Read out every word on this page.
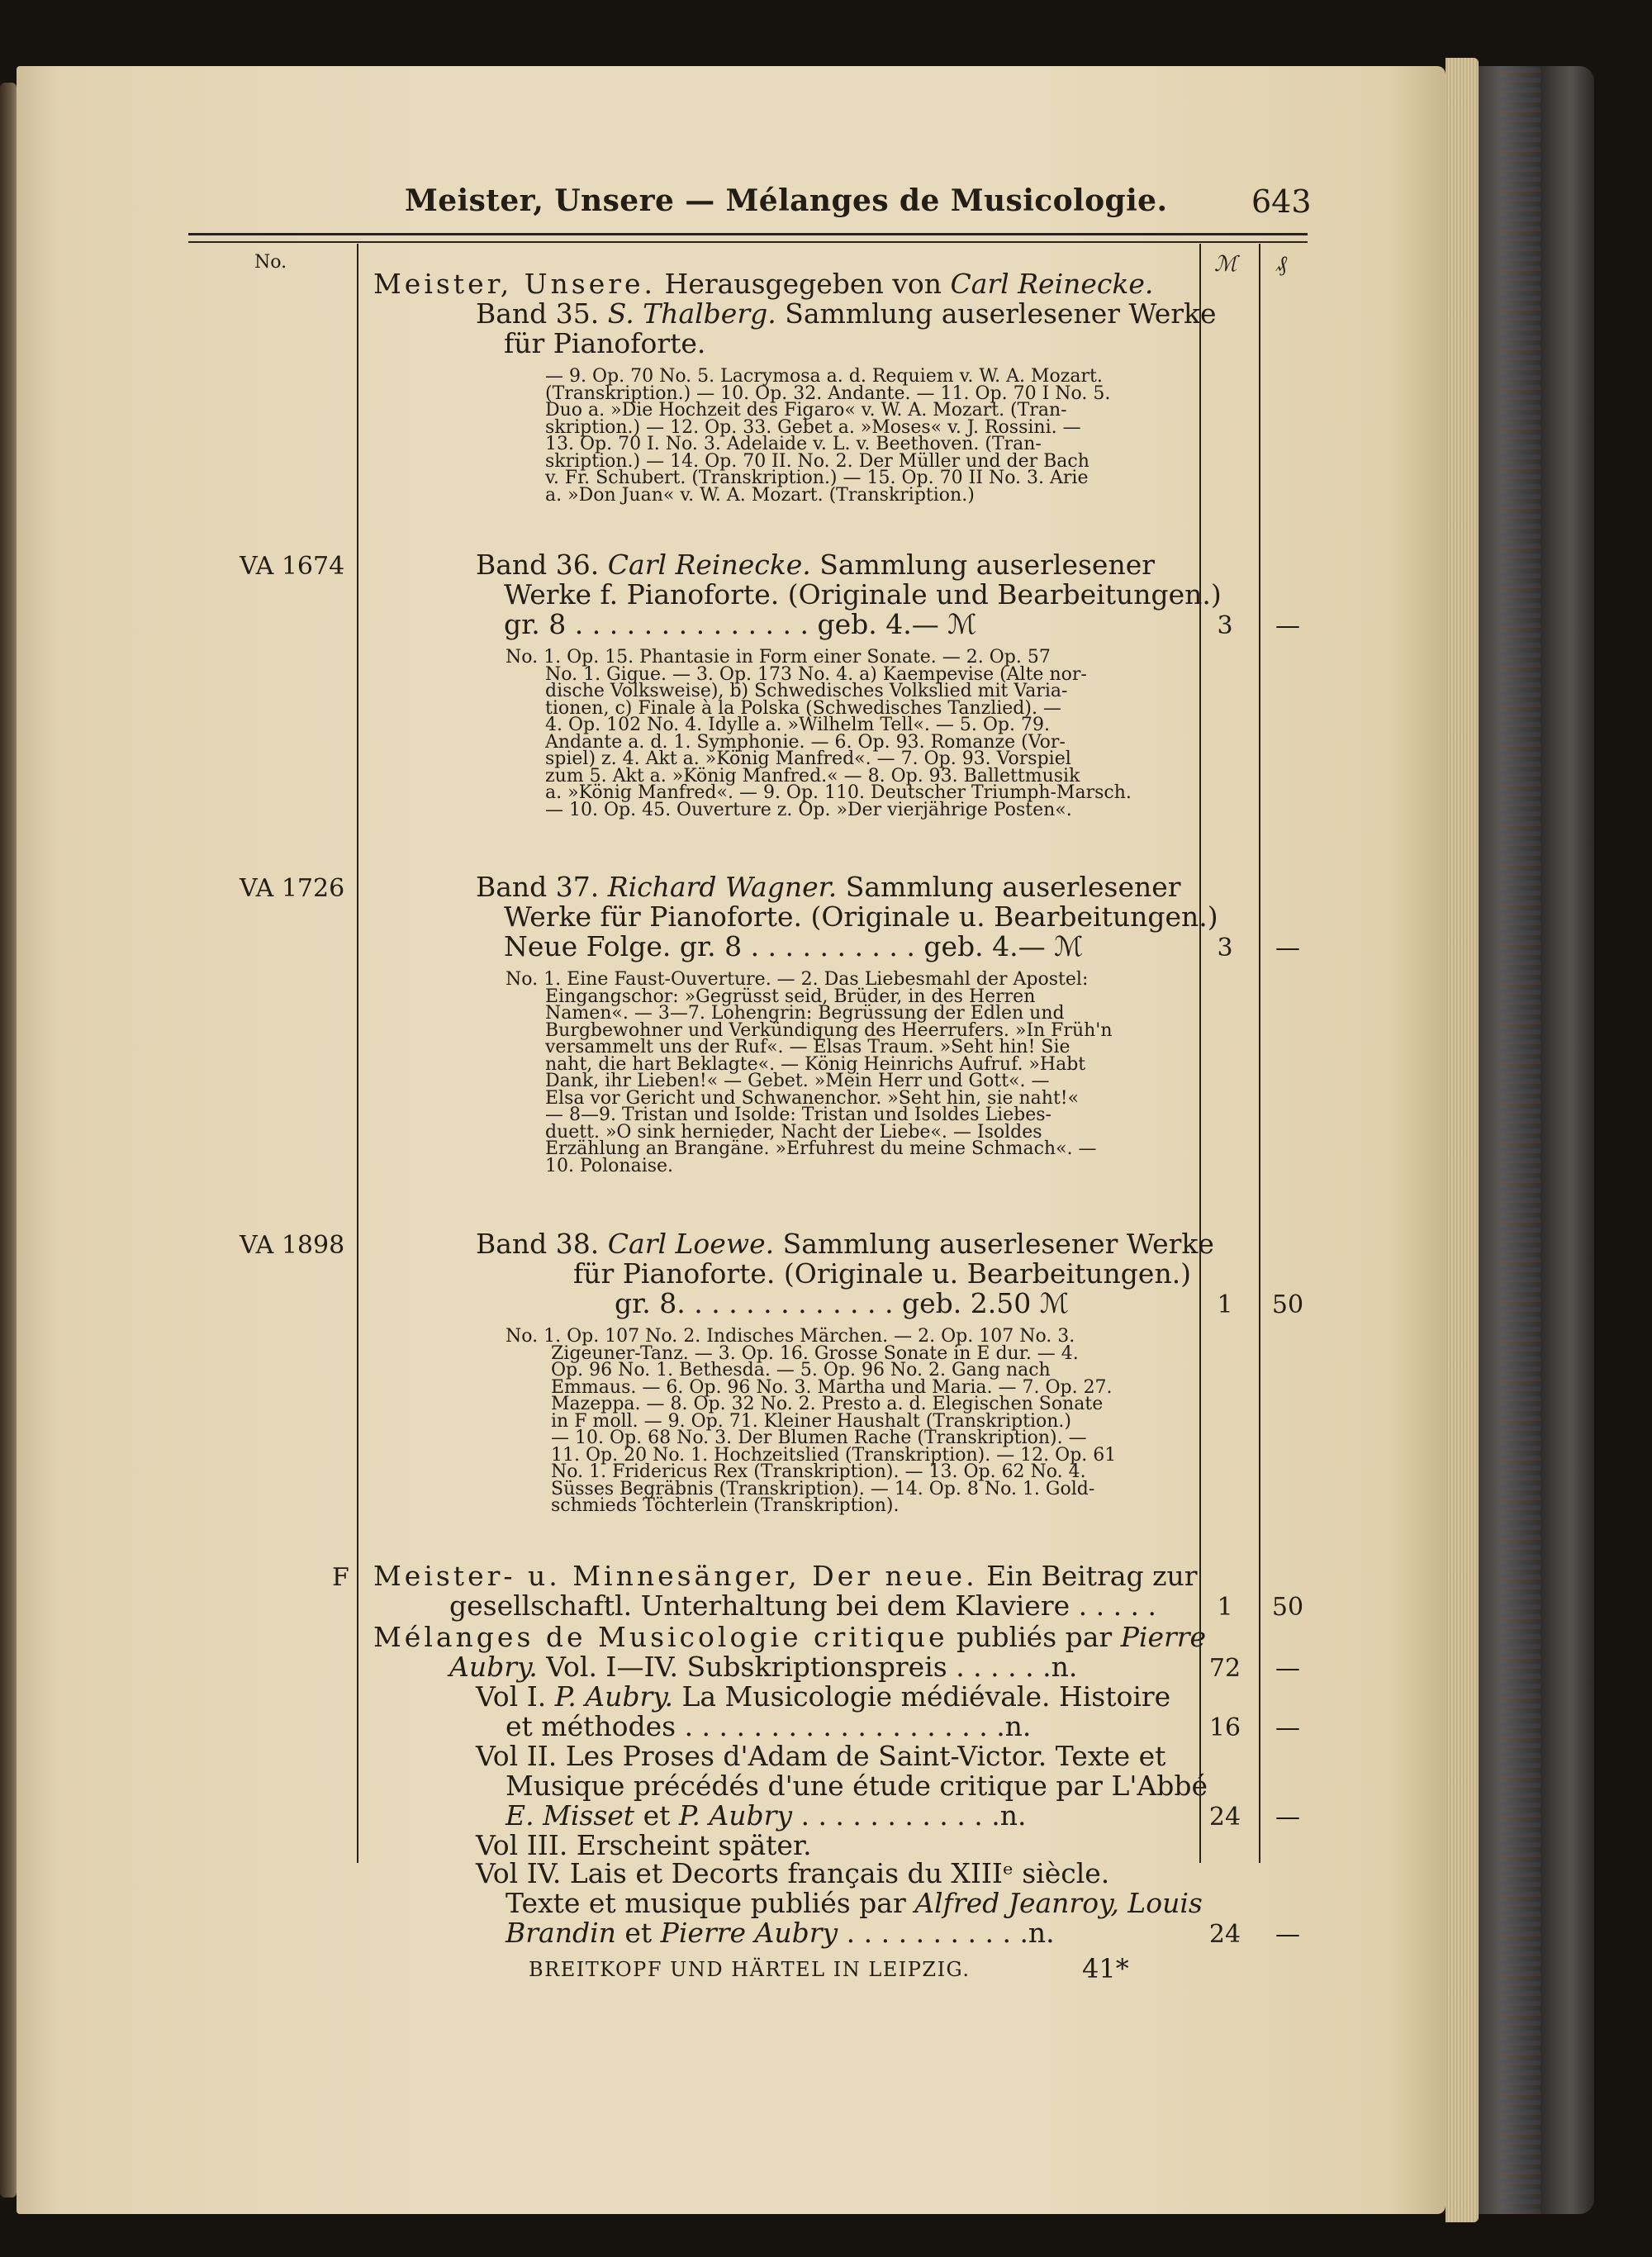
Meister, Unsere — Mélanges de Musicologie.	643
No.	ℳ ₰
Meister, Unsere. Herausgegeben von Carl Reinecke.
Band 35. S. Thalberg. Sammlung auserlesener Werke
für Pianoforte.

— 9. Op. 70 No. 5. Lacrymosa a. d. Requiem v. W. A. Mozart.

(Transkription.) — 10. Op. 32. Andante. — 11. Op. 70 I No. 5.

Duo a. »Die Hochzeit des Figaro« v. W. A. Mozart. (Tran-

skription.) — 12. Op. 33. Gebet a. »Moses« v. J. Rossini. —

13. Op. 70 I. No. 3. Adelaide v. L. v. Beethoven. (Tran-

skription.) — 14. Op. 70 II. No. 2. Der Müller und der Bach

v. Fr. Schubert. (Transkription.) — 15. Op. 70 II No. 3. Arie

a. »Don Juan« v. W. A. Mozart. (Transkription.)

VA 1674	Band 36. Carl Reinecke. Sammlung auserlesener
Werke f. Pianoforte. (Originale und Bearbeitungen.)
gr. 8 . . . . . . . . . . . . . . geb. 4.— ℳ	3	—

No. 1. Op. 15. Phantasie in Form einer Sonate. — 2. Op. 57

No. 1. Gigue. — 3. Op. 173 No. 4. a) Kaempevise (Alte nor-

dische Volksweise), b) Schwedisches Volkslied mit Varia-

tionen, c) Finale à la Polska (Schwedisches Tanzlied). —

4. Op. 102 No. 4. Idylle a. »Wilhelm Tell«. — 5. Op. 79.

Andante a. d. 1. Symphonie. — 6. Op. 93. Romanze (Vor-

spiel) z. 4. Akt a. »König Manfred«. — 7. Op. 93. Vorspiel

zum 5. Akt a. »König Manfred.« — 8. Op. 93. Ballettmusik

a. »König Manfred«. — 9. Op. 110. Deutscher Triumph-Marsch.

— 10. Op. 45. Ouverture z. Op. »Der vierjährige Posten«.

VA 1726	Band 37. Richard Wagner. Sammlung auserlesener
Werke für Pianoforte. (Originale u. Bearbeitungen.)
Neue Folge. gr. 8 . . . . . . . . . . geb. 4.— ℳ	3	—

No. 1. Eine Faust-Ouverture. — 2. Das Liebesmahl der Apostel:

Eingangschor: »Gegrüsst seid, Brüder, in des Herren

Namen«. — 3—7. Lohengrin: Begrüssung der Edlen und

Burgbewohner und Verkündigung des Heerrufers. »In Früh'n

versammelt uns der Ruf«. — Elsas Traum. »Seht hin! Sie

naht, die hart Beklagte«. — König Heinrichs Aufruf. »Habt

Dank, ihr Lieben!« — Gebet. »Mein Herr und Gott«. —

Elsa vor Gericht und Schwanenchor. »Seht hin, sie naht!«

— 8—9. Tristan und Isolde: Tristan und Isoldes Liebes-

duett. »O sink hernieder, Nacht der Liebe«. — Isoldes

Erzählung an Brangäne. »Erfuhrest du meine Schmach«. —

10. Polonaise.

VA 1898	Band 38. Carl Loewe. Sammlung auserlesener Werke
für Pianoforte. (Originale u. Bearbeitungen.)
gr. 8. . . . . . . . . . . . . geb. 2.50 ℳ	1	50

No. 1. Op. 107 No. 2. Indisches Märchen. — 2. Op. 107 No. 3.

Zigeuner-Tanz. — 3. Op. 16. Grosse Sonate in E dur. — 4.

Op. 96 No. 1. Bethesda. — 5. Op. 96 No. 2. Gang nach

Emmaus. — 6. Op. 96 No. 3. Martha und Maria. — 7. Op. 27.

Mazeppa. — 8. Op. 32 No. 2. Presto a. d. Elegischen Sonate

in F moll. — 9. Op. 71. Kleiner Haushalt (Transkription.)

— 10. Op. 68 No. 3. Der Blumen Rache (Transkription). —

11. Op. 20 No. 1. Hochzeitslied (Transkription). — 12. Op. 61

No. 1. Fridericus Rex (Transkription). — 13. Op. 62 No. 4.

Süsses Begräbnis (Transkription). — 14. Op. 8 No. 1. Gold-

schmieds Töchterlein (Transkription).

F Meister- u. Minnesänger, Der neue. Ein Beitrag zur
gesellschaftl. Unterhaltung bei dem Klaviere . . . . .	1	50
Mélanges de Musicologie critique publiés par Pierre
Aubry. Vol. I—IV. Subskriptionspreis . . . . . .n.	72	—
Vol I. P. Aubry. La Musicologie médiévale. Histoire
et méthodes . . . . . . . . . . . . . . . . . . .n.	16	—
Vol II. Les Proses d'Adam de Saint-Victor. Texte et
Musique précédés d'une étude critique par L'Abbé
E. Misset et P. Aubry . . . . . . . . . . . .n.	24	—
Vol III. Erscheint später.
Vol IV. Lais et Decorts français du XIIIᵉ siècle.
Texte et musique publiés par Alfred Jeanroy, Louis
Brandin et Pierre Aubry . . . . . . . . . . .n.	24	—
BREITKOPF UND HÄRTEL IN LEIPZIG.	41*
